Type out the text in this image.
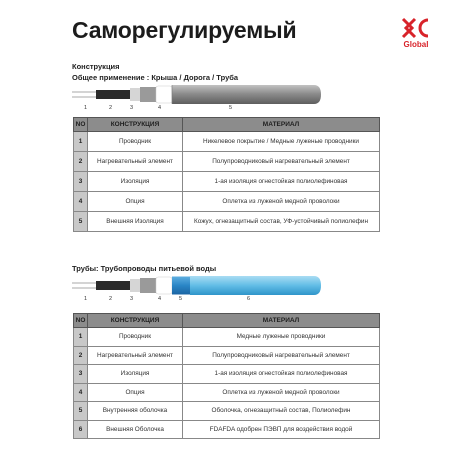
Саморегулируемый
Global
Конструкция
Общее применение : Крыша / Дорога / Труба
1	2	3	4	5
NO	КОНСТРУКЦИЯ	МАТЕРИАЛ
1	Проводник	Никелевое покрытие / Медные луженые проводники
2	Нагревательный элемент	Полупроводниковый нагревательный элемент
3	Изоляция	1-ая изоляция огнестойкая полиолефиновая
4	Опция	Оплетка из луженой медной проволоки
5	Внешняя Изоляция	Кожух, огнезащитный состав, УФ-устойчивый полиолефин
Трубы: Трубопроводы питьевой воды
1	2	3	4	5	6
NO	КОНСТРУКЦИЯ	МАТЕРИАЛ
1	Проводник	Медные луженые проводники
2	Нагревательный элемент	Полупроводниковый нагревательный элемент
3	Изоляция	1-ая изоляция огнестойкая полиолефиновая
4	Опция	Оплетка из луженой медной проволоки
5	Внутренняя оболочка	Оболочка, огнезащитный состав, Полиолефин
6	Внешняя Оболочка	FDAFDA одобрен ПЭВП для воздействия водой
